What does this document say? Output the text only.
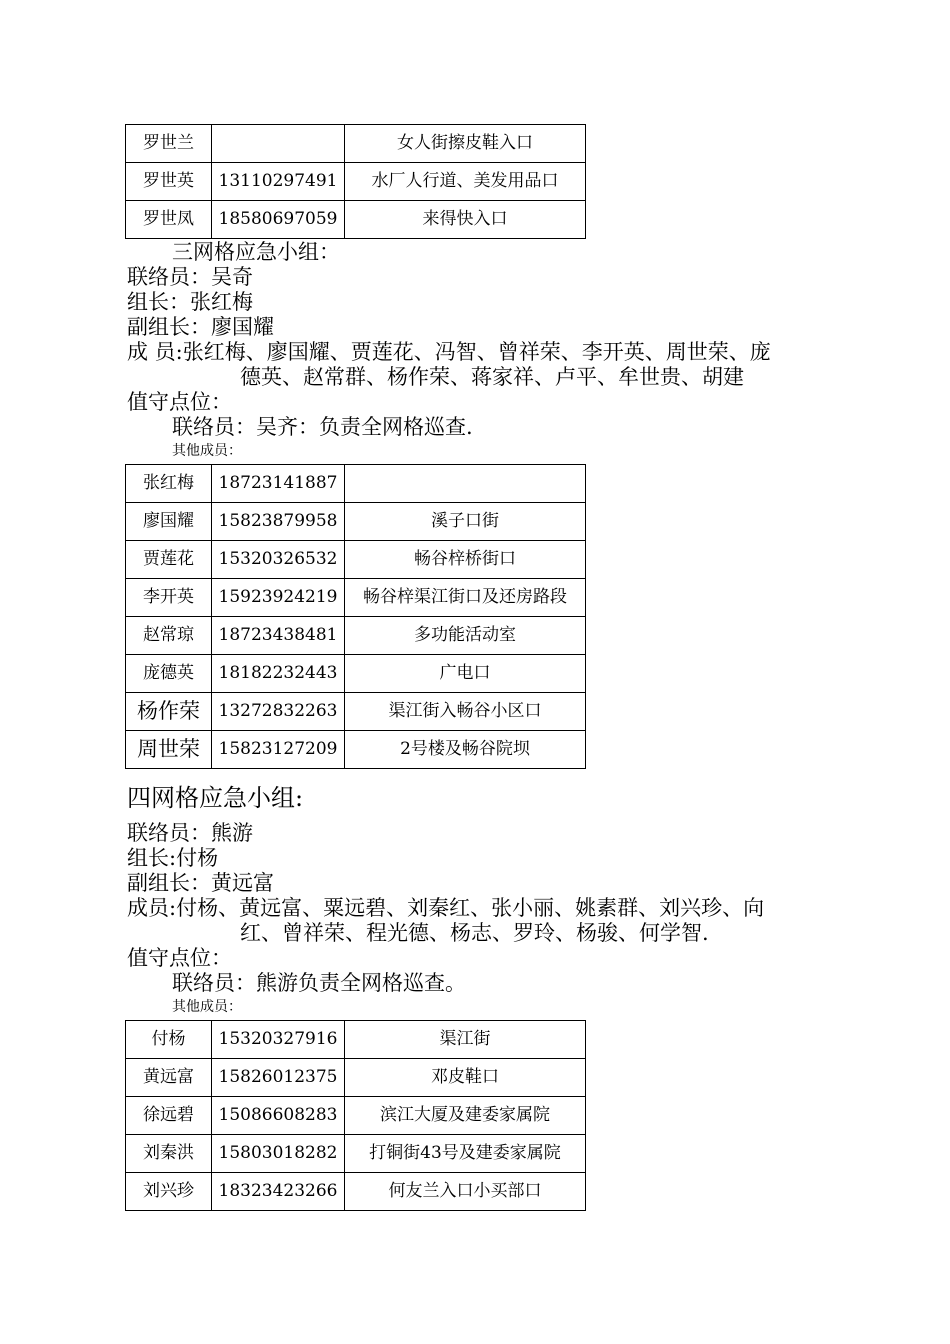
罗世兰		女人街擦皮鞋入口
罗世英	13110297491	水厂人行道、美发用品口
罗世凤	18580697059	来得快入口
三网格应急小组：
联络员：吴奇
组长：张红梅
副组长：廖国耀
成 员:张红梅、廖国耀、贾莲花、冯智、曾祥荣、李开英、周世荣、庞
德英、赵常群、杨作荣、蒋家祥、卢平、牟世贵、胡建
值守点位：
联络员：吴齐：负责全网格巡查.
其他成员：
张红梅	18723141887	
廖国耀	15823879958	溪子口街
贾莲花	15320326532	畅谷梓桥街口
李开英	15923924219	畅谷梓渠江街口及还房路段
赵常琼	18723438481	多功能活动室
庞德英	18182232443	广电口
杨作荣	13272832263	渠江街入畅谷小区口
周世荣	15823127209	2号楼及畅谷院坝
四网格应急小组:
联络员：熊游
组长:付杨
副组长：黄远富
成员:付杨、黄远富、粟远碧、刘秦红、张小丽、姚素群、刘兴珍、向
红、曾祥荣、程光德、杨志、罗玲、杨骏、何学智.
值守点位：
联络员：熊游负责全网格巡查。
其他成员：
付杨	15320327916	渠江街
黄远富	15826012375	邓皮鞋口
徐远碧	15086608283	滨江大厦及建委家属院
刘秦洪	15803018282	打铜街43号及建委家属院
刘兴珍	18323423266	何友兰入口小买部口
